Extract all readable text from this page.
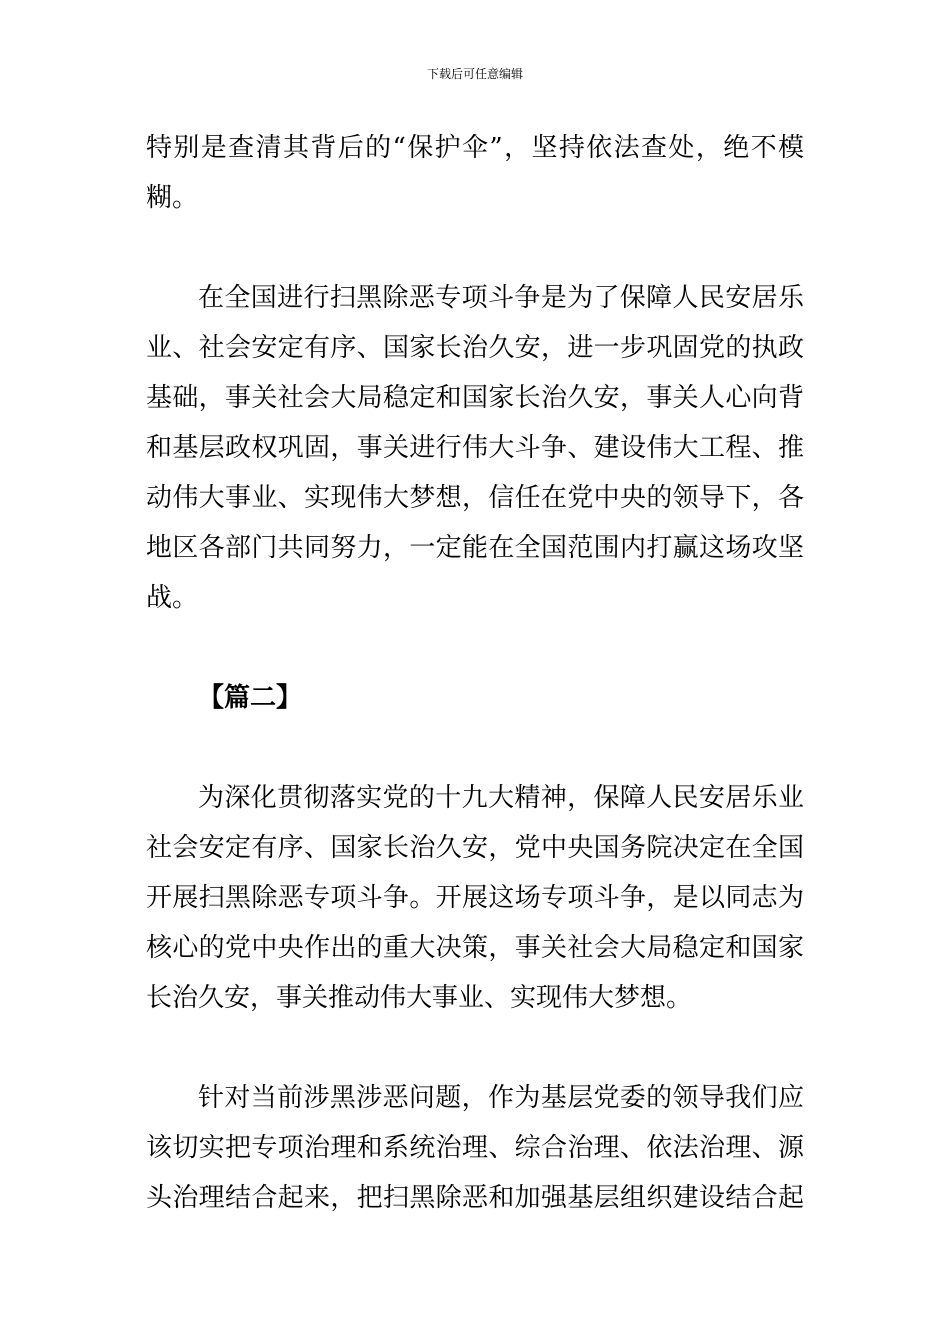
下载后可任意编辑
特别是查清其背后的“保护伞”，坚持依法查处，绝不模
糊。
在全国进行扫黑除恶专项斗争是为了保障人民安居乐
业、社会安定有序、国家长治久安，进一步巩固党的执政
基础，事关社会大局稳定和国家长治久安，事关人心向背
和基层政权巩固，事关进行伟大斗争、建设伟大工程、推
动伟大事业、实现伟大梦想，信任在党中央的领导下，各
地区各部门共同努力，一定能在全国范围内打赢这场攻坚
战。
【篇二】
为深化贯彻落实党的十九大精神，保障人民安居乐业
社会安定有序、国家长治久安，党中央国务院决定在全国
开展扫黑除恶专项斗争。开展这场专项斗争，是以同志为
核心的党中央作出的重大决策，事关社会大局稳定和国家
长治久安，事关推动伟大事业、实现伟大梦想。
针对当前涉黑涉恶问题，作为基层党委的领导我们应
该切实把专项治理和系统治理、综合治理、依法治理、源
头治理结合起来，把扫黑除恶和加强基层组织建设结合起
